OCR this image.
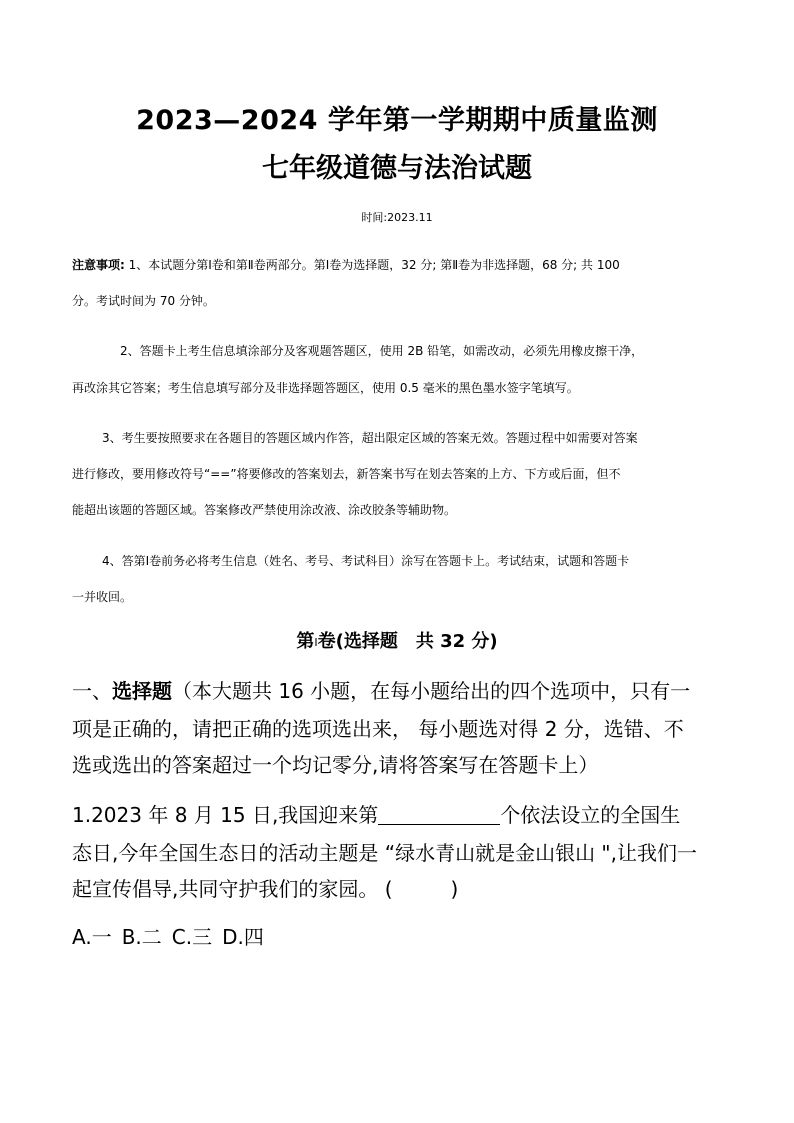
2023—2024 学年第一学期期中质量监测
七年级道德与法治试题
时间:2023.11
注意事项: 1、本试题分第Ⅰ卷和第Ⅱ卷两部分。第Ⅰ卷为选择题，32 分; 第Ⅱ卷为非选择题，68 分; 共 100
分。考试时间为 70 分钟。
2、答题卡上考生信息填涂部分及客观题答题区，使用 2B 铅笔，如需改动，必须先用橡皮擦干净，
再改涂其它答案；考生信息填写部分及非选择题答题区，使用 0.5 毫米的黑色墨水签字笔填写。
3、考生要按照要求在各题目的答题区域内作答，超出限定区域的答案无效。答题过程中如需要对答案
进行修改，要用修改符号“==”将要修改的答案划去，新答案书写在划去答案的上方、下方或后面，但不
能超出该题的答题区域。答案修改严禁使用涂改液、涂改胶条等辅助物。
4、答第Ⅰ卷前务必将考生信息（姓名、考号、考试科目）涂写在答题卡上。考试结束，试题和答题卡
一并收回。
第Ⅰ卷(选择题　共 32 分)
一、选择题（本大题共 16 小题，在每小题给出的四个选项中，只有一
项是正确的，请把正确的选项选出来， 每小题选对得 2 分，选错、不
选或选出的答案超过一个均记零分,请将答案写在答题卡上）
1.2023 年 8 月 15 日,我国迎来第	个依法设立的全国生
态日,今年全国生态日的活动主题是 “绿水青山就是金山银山 ",让我们一
起宣传倡导,共同守护我们的家园。 (	)
A.一 B.二 C.三 D.四
